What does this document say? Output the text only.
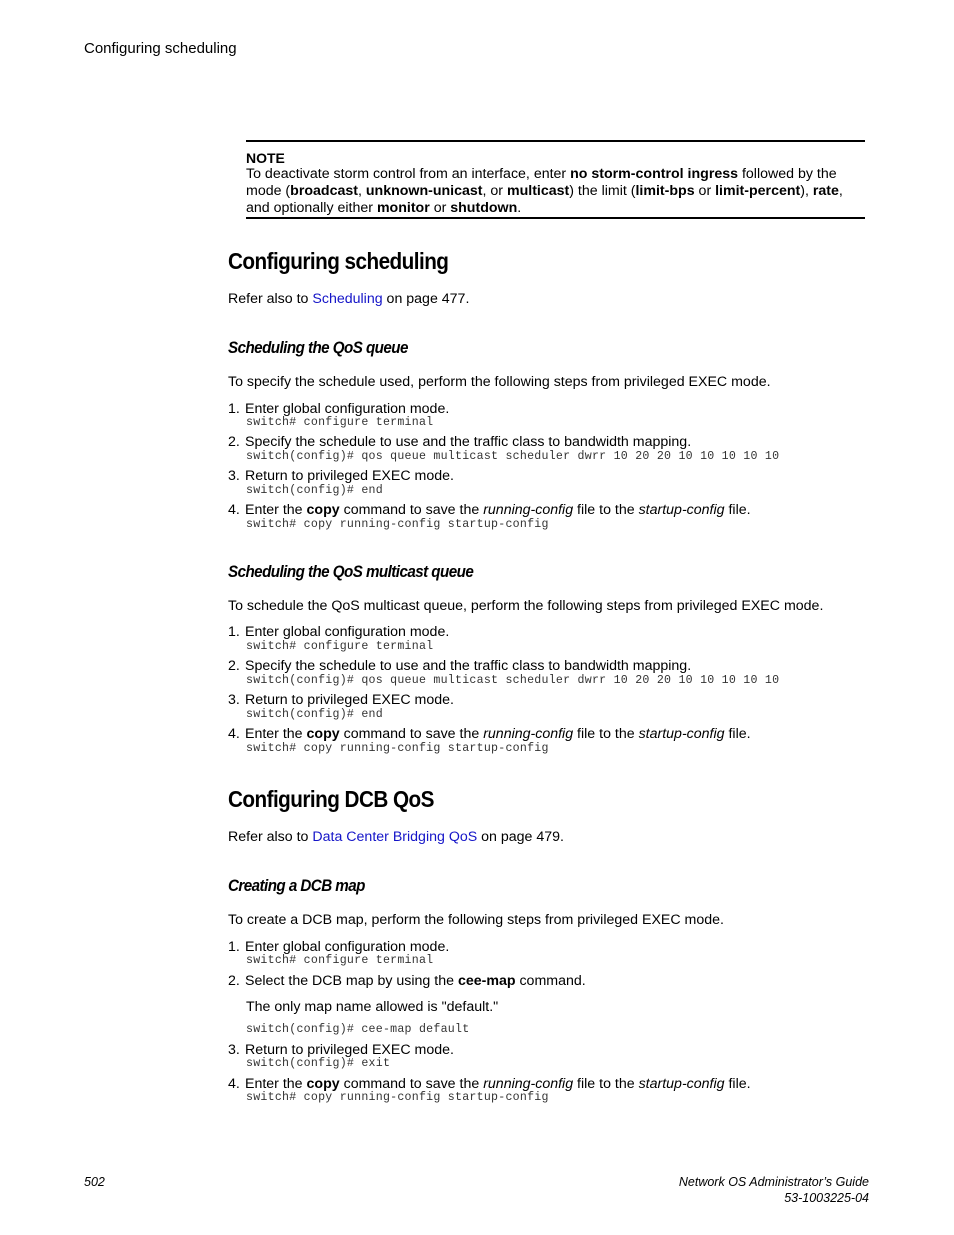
Configuring scheduling
NOTE
To deactivate storm control from an interface, enter no storm-control ingress followed by the mode (broadcast, unknown-unicast, or multicast) the limit (limit-bps or limit-percent), rate, and optionally either monitor or shutdown.
Configuring scheduling
Refer also to Scheduling on page 477.
Scheduling the QoS queue
To specify the schedule used, perform the following steps from privileged EXEC mode.
1. Enter global configuration mode.
switch# configure terminal
2. Specify the schedule to use and the traffic class to bandwidth mapping.
switch(config)# qos queue multicast scheduler dwrr 10 20 20 10 10 10 10 10
3. Return to privileged EXEC mode.
switch(config)# end
4. Enter the copy command to save the running-config file to the startup-config file.
switch# copy running-config startup-config
Scheduling the QoS multicast queue
To schedule the QoS multicast queue, perform the following steps from privileged EXEC mode.
1. Enter global configuration mode.
switch# configure terminal
2. Specify the schedule to use and the traffic class to bandwidth mapping.
switch(config)# qos queue multicast scheduler dwrr 10 20 20 10 10 10 10 10
3. Return to privileged EXEC mode.
switch(config)# end
4. Enter the copy command to save the running-config file to the startup-config file.
switch# copy running-config startup-config
Configuring DCB QoS
Refer also to Data Center Bridging QoS on page 479.
Creating a DCB map
To create a DCB map, perform the following steps from privileged EXEC mode.
1. Enter global configuration mode.
switch# configure terminal
2. Select the DCB map by using the cee-map command.
The only map name allowed is "default."
switch(config)# cee-map default
3. Return to privileged EXEC mode.
switch(config)# exit
4. Enter the copy command to save the running-config file to the startup-config file.
switch# copy running-config startup-config
502	Network OS Administrator’s Guide
53-1003225-04
